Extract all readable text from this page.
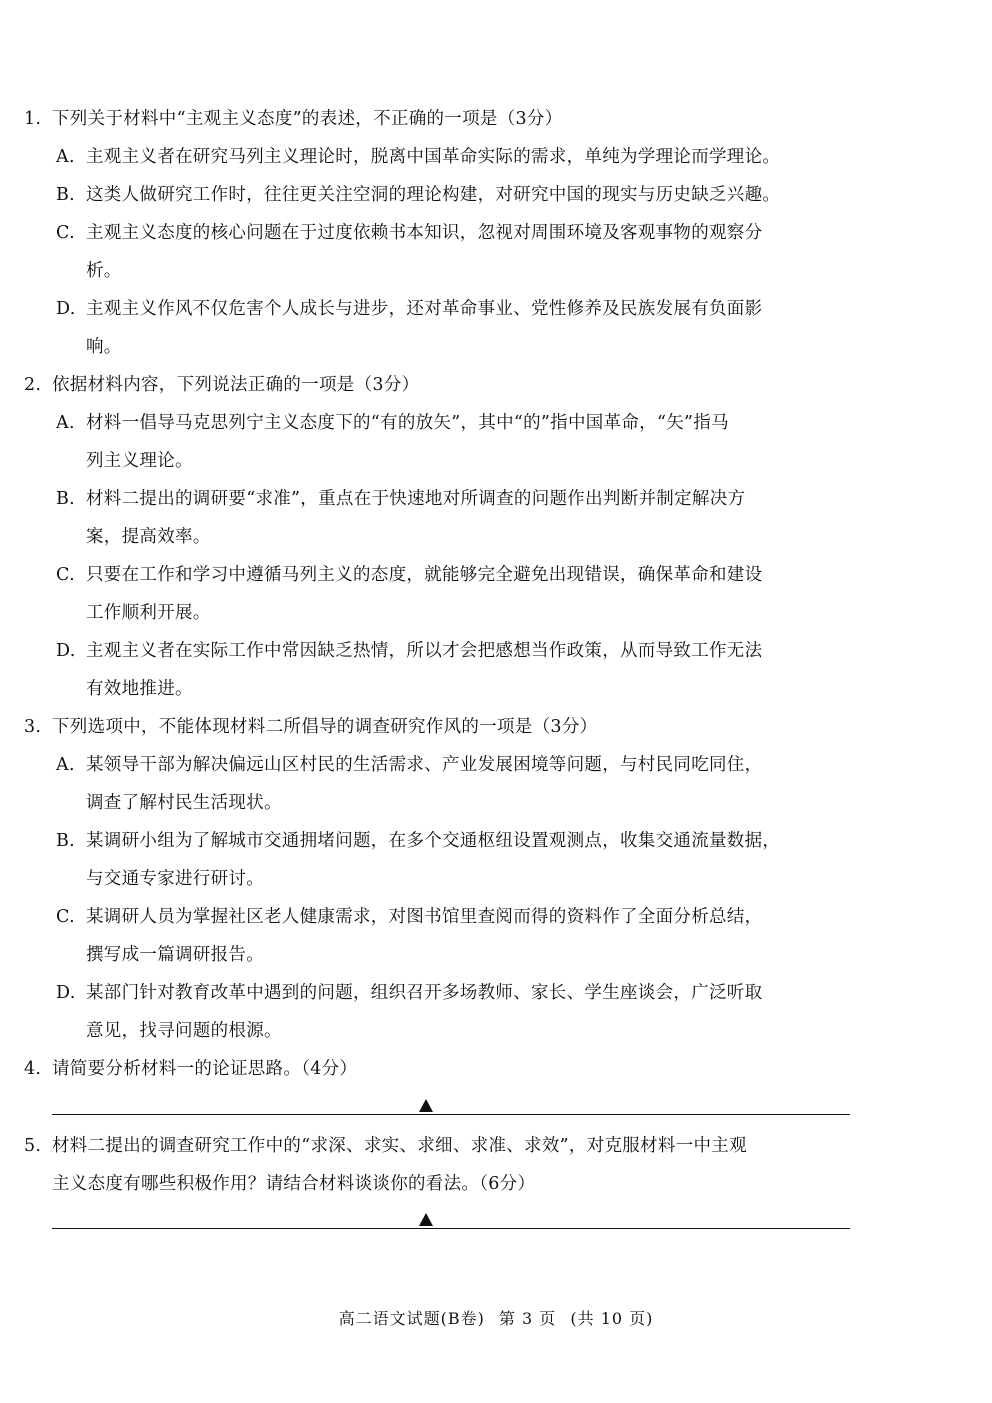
1. 下列关于材料中“主观主义态度”的表述，不正确的一项是（3分）
A. 主观主义者在研究马列主义理论时，脱离中国革命实际的需求，单纯为学理论而学理论。
B. 这类人做研究工作时，往往更关注空洞的理论构建，对研究中国的现实与历史缺乏兴趣。
C. 主观主义态度的核心问题在于过度依赖书本知识，忽视对周围环境及客观事物的观察分
析。
D. 主观主义作风不仅危害个人成长与进步，还对革命事业、党性修养及民族发展有负面影
响。
2. 依据材料内容，下列说法正确的一项是（3分）
A. 材料一倡导马克思列宁主义态度下的“有的放矢”，其中“的”指中国革命，“矢”指马
列主义理论。
B. 材料二提出的调研要“求准”，重点在于快速地对所调查的问题作出判断并制定解决方
案，提高效率。
C. 只要在工作和学习中遵循马列主义的态度，就能够完全避免出现错误，确保革命和建设
工作顺利开展。
D. 主观主义者在实际工作中常因缺乏热情，所以才会把感想当作政策，从而导致工作无法
有效地推进。
3. 下列选项中，不能体现材料二所倡导的调查研究作风的一项是（3分）
A. 某领导干部为解决偏远山区村民的生活需求、产业发展困境等问题，与村民同吃同住，
调查了解村民生活现状。
B. 某调研小组为了解城市交通拥堵问题，在多个交通枢纽设置观测点，收集交通流量数据，
与交通专家进行研讨。
C. 某调研人员为掌握社区老人健康需求，对图书馆里查阅而得的资料作了全面分析总结，
撰写成一篇调研报告。
D. 某部门针对教育改革中遇到的问题，组织召开多场教师、家长、学生座谈会，广泛听取
意见，找寻问题的根源。
4. 请简要分析材料一的论证思路。（4分）
5. 材料二提出的调查研究工作中的“求深、求实、求细、求准、求效”，对克服材料一中主观
主义态度有哪些积极作用？请结合材料谈谈你的看法。（6分）
高二语文试题(B卷) 第 3 页 (共 10 页)
